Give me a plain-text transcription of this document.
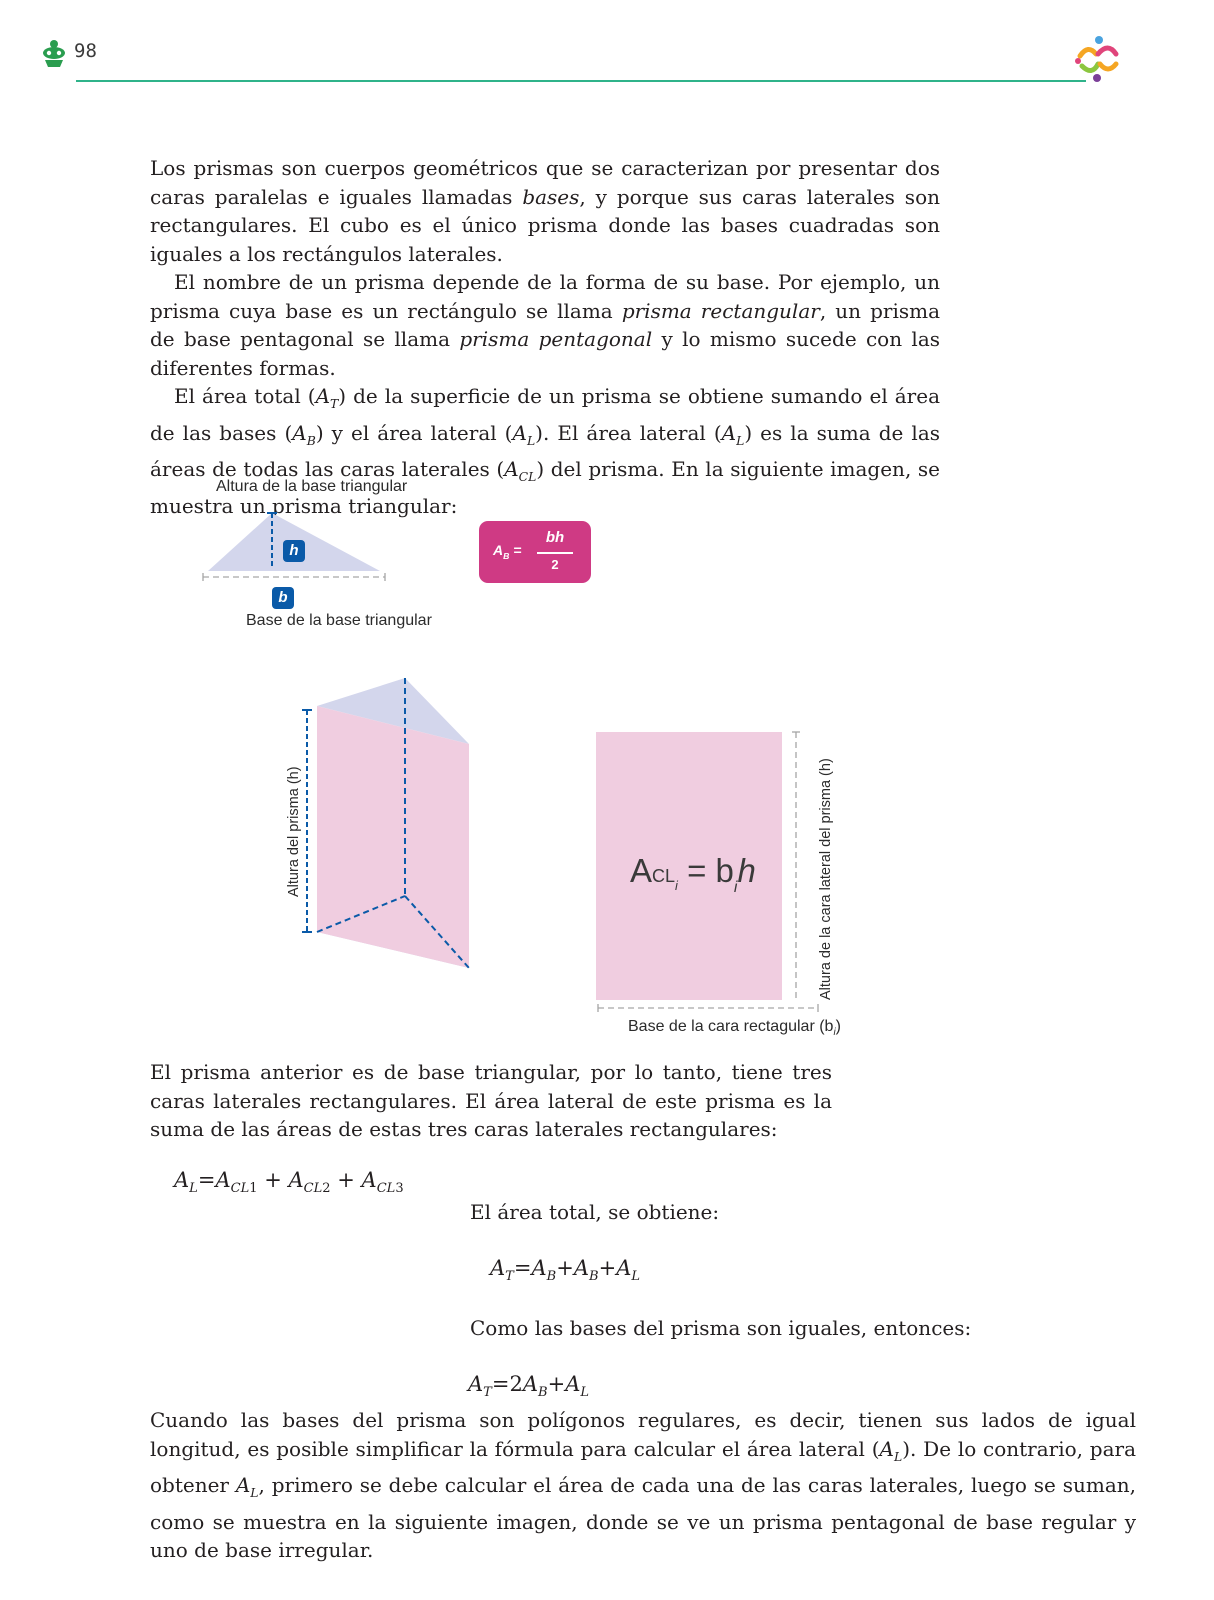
98

Los prismas son cuerpos geométricos que se caracterizan por presentar dos caras paralelas e iguales llamadas bases, y porque sus caras laterales son rectangulares. El cubo es el único prisma donde las bases cuadradas son iguales a los rectángulos laterales.

El nombre de un prisma depende de la forma de su base. Por ejemplo, un prisma cuya base es un rectángulo se llama prisma rectangular, un prisma de base pentagonal se llama prisma pentagonal y lo mismo sucede con las diferentes formas.

El área total $(A_T)$ de la superficie de un prisma se obtiene sumando el área de las bases $(A_B)$ y el área lateral $(A_L)$. El área lateral $(A_L)$ es la suma de las áreas de todas las caras laterales $(A_{CL})$ del prisma. En la siguiente imagen, se muestra un prisma triangular:

Altura de la base triangular
h
b
Base de la base triangular
$A_B$ =
bh
2
Altura del prisma (h)	$ACL_i = b_ih$	Altura de la cara lateral del prisma (h)
Base de la cara rectagular $(b_i)$
El prisma anterior es de base triangular, por lo tanto, tiene tres caras laterales rectangulares. El área lateral de este prisma es la suma de las áreas de estas tres caras laterales rectangulares:
$A_L=A_{CL1} + A_{CL2} + A_{CL3}$
El área total, se obtiene:
$A_T=A_B+A_B+A_L$
Como las bases del prisma son iguales, entonces:
$A_T=2A_B+A_L$
Cuando las bases del prisma son polígonos regulares, es decir, tienen sus lados de igual longitud, es posible simplificar la fórmula para calcular el área lateral $(A_L)$. De lo contrario, para obtener $A_L$, primero se debe calcular el área de cada una de las caras laterales, luego se suman, como se muestra en la siguiente imagen, donde se ve un prisma pentagonal de base regular y uno de base irregular.
